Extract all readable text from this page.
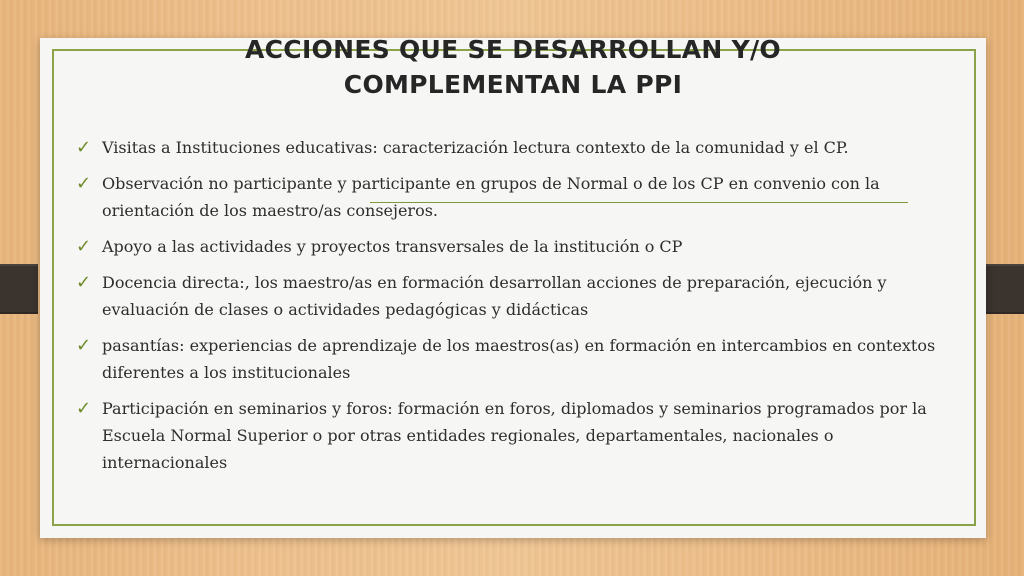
ACCIONES QUE SE DESARROLLAN Y/O
COMPLEMENTAN LA PPI
✓ Visitas a Instituciones educativas: caracterización lectura contexto de la comunidad y el CP.
✓ Observación no participante y participante en grupos de Normal o de los CP en convenio con la orientación de los maestro/as consejeros.
✓ Apoyo a las actividades y proyectos transversales de la institución o CP
✓ Docencia directa:, los maestro/as en formación desarrollan acciones de preparación, ejecución y evaluación de clases o actividades pedagógicas y didácticas
✓ pasantías: experiencias de aprendizaje de los maestros(as) en formación en intercambios en contextos diferentes a los institucionales
✓ Participación en seminarios y foros: formación en foros, diplomados y seminarios programados por la Escuela Normal Superior o por otras entidades regionales, departamentales, nacionales o internacionales
